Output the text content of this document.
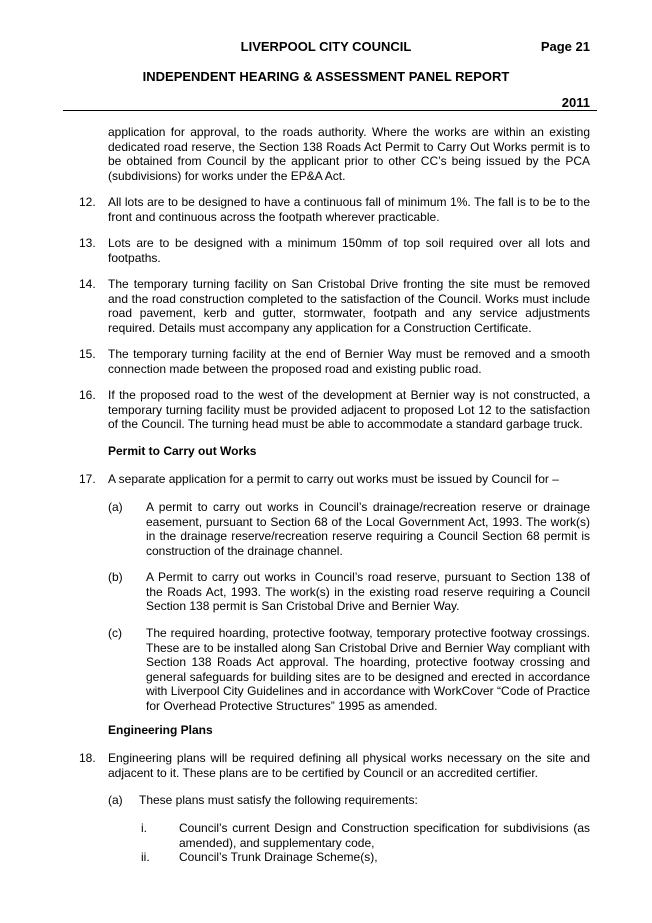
LIVERPOOL CITY COUNCIL	Page 21
INDEPENDENT HEARING & ASSESSMENT PANEL REPORT
2011

application for approval, to the roads authority. Where the works are within an existing dedicated road reserve, the Section 138 Roads Act Permit to Carry Out Works permit is to be obtained from Council by the applicant prior to other CC’s being issued by the PCA (subdivisions) for works under the EP&A Act.

12.	All lots are to be designed to have a continuous fall of minimum 1%. The fall is to be to the front and continuous across the footpath wherever practicable.

13.	Lots are to be designed with a minimum 150mm of top soil required over all lots and footpaths.

14.	The temporary turning facility on San Cristobal Drive fronting the site must be removed and the road construction completed to the satisfaction of the Council. Works must include road pavement, kerb and gutter, stormwater, footpath and any service adjustments required. Details must accompany any application for a Construction Certificate.

15.	The temporary turning facility at the end of Bernier Way must be removed and a smooth connection made between the proposed road and existing public road.

16.	If the proposed road to the west of the development at Bernier way is not constructed, a temporary turning facility must be provided adjacent to proposed Lot 12 to the satisfaction of the Council. The turning head must be able to accommodate a standard garbage truck.

Permit to Carry out Works
17.	A separate application for a permit to carry out works must be issued by Council for –

(a)	A permit to carry out works in Council’s drainage/recreation reserve or drainage easement, pursuant to Section 68 of the Local Government Act, 1993. The work(s) in the drainage reserve/recreation reserve requiring a Council Section 68 permit is construction of the drainage channel.

(b)	A Permit to carry out works in Council’s road reserve, pursuant to Section 138 of the Roads Act, 1993. The work(s) in the existing road reserve requiring a Council Section 138 permit is San Cristobal Drive and Bernier Way.

(c)	The required hoarding, protective footway, temporary protective footway crossings. These are to be installed along San Cristobal Drive and Bernier Way compliant with Section 138 Roads Act approval. The hoarding, protective footway crossing and general safeguards for building sites are to be designed and erected in accordance with Liverpool City Guidelines and in accordance with WorkCover “Code of Practice for Overhead Protective Structures” 1995 as amended.

Engineering Plans
18.	Engineering plans will be required defining all physical works necessary on the site and adjacent to it. These plans are to be certified by Council or an accredited certifier.

(a)	These plans must satisfy the following requirements:

i.	Council’s current Design and Construction specification for subdivisions (as amended), and supplementary code,

ii.	Council’s Trunk Drainage Scheme(s),
